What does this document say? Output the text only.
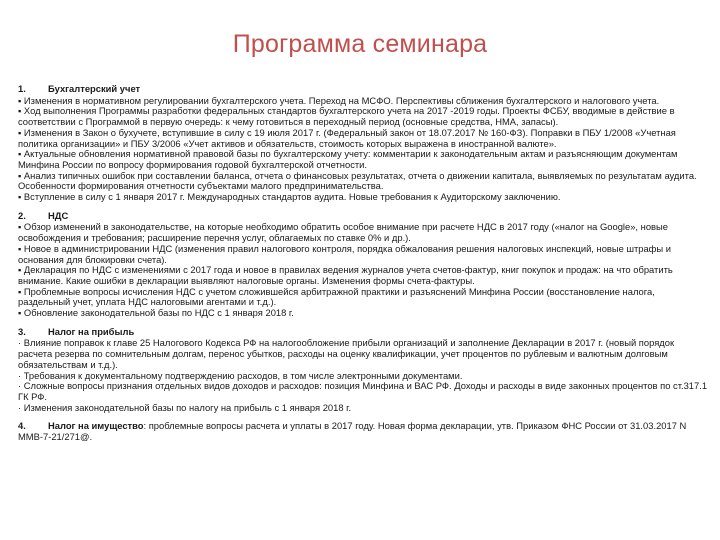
Программа семинара
1. Бухгалтерский учет
▪ Изменения в нормативном регулировании бухгалтерского учета. Переход на МСФО. Перспективы сближения бухгалтерского и налогового учета.
▪ Ход выполнения Программы разработки федеральных стандартов бухгалтерского учета на 2017 -2019 годы. Проекты ФСБУ, вводимые в действие в соответствии с Программой в первую очередь: к чему готовиться в переходный период (основные средства, НМА, запасы).
▪ Изменения в Закон о бухучете, вступившие в силу с 19 июля 2017 г. (Федеральный закон от 18.07.2017 № 160-ФЗ). Поправки в ПБУ 1/2008 «Учетная политика организации» и ПБУ 3/2006 «Учет активов и обязательств, стоимость которых выражена в иностранной валюте».
▪ Актуальные обновления нормативной правовой базы по бухгалтерскому учету: комментарии к законодательным актам и разъясняющим документам Минфина России по вопросу формирования годовой бухгалтерской отчетности.
▪ Анализ типичных ошибок при составлении баланса, отчета о финансовых результатах, отчета о движении капитала, выявляемых по результатам аудита. Особенности формирования отчетности субъектами малого предпринимательства.
▪ Вступление в силу с 1 января 2017 г. Международных стандартов аудита. Новые требования к Аудиторскому заключению.
2. НДС
▪ Обзор изменений в законодательстве, на которые необходимо обратить особое внимание при расчете НДС в 2017 году («налог на Google», новые освобождения и требования; расширение перечня услуг, облагаемых по ставке 0% и др.).
▪ Новое в администрировании НДС (изменения правил налогового контроля, порядка обжалования решения налоговых инспекций, новые штрафы и основания для блокировки счета).
▪ Декларация по НДС с изменениями с 2017 года и новое в правилах ведения журналов учета счетов-фактур, книг покупок и продаж: на что обратить внимание. Какие ошибки в декларации выявляют налоговые органы. Изменения формы счета-фактуры.
▪ Проблемные вопросы исчисления НДС с учетом сложившейся арбитражной практики и разъяснений Минфина России (восстановление налога, раздельный учет, уплата НДС налоговыми агентами и т.д.).
▪ Обновление законодательной базы по НДС с 1 января 2018 г.
3. Налог на прибыль
· Влияние поправок к главе 25 Налогового Кодекса РФ на налогообложение прибыли организаций и заполнение Декларации в 2017 г. (новый порядок расчета резерва по сомнительным долгам, перенос убытков, расходы на оценку квалификации, учет процентов по рублевым и валютным долговым обязательствам и т.д.).
· Требования к документальному подтверждению расходов, в том числе электронными документами.
· Сложные вопросы признания отдельных видов доходов и расходов: позиция Минфина и ВАС РФ. Доходы и расходы в виде законных процентов по ст.317.1 ГК РФ.
· Изменения законодательной базы по налогу на прибыль с 1 января 2018 г.
4. Налог на имущество: проблемные вопросы расчета и уплаты в 2017 году. Новая форма декларации, утв. Приказом ФНС России от 31.03.2017 N ММВ-7-21/271@.
